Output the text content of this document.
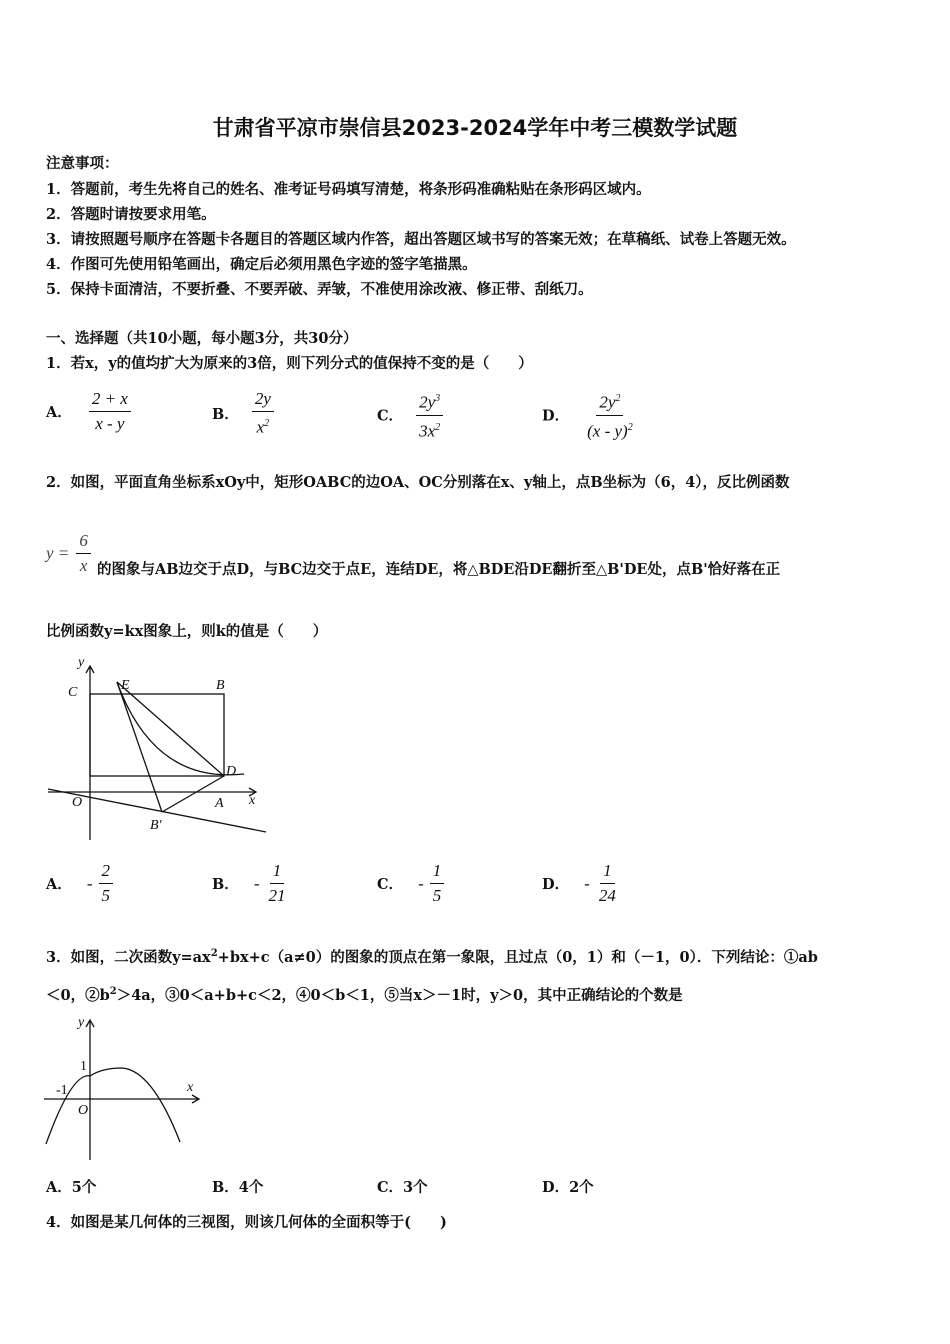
甘肃省平凉市崇信县2023-2024学年中考三模数学试题
注意事项：
1．答题前，考生先将自己的姓名、准考证号码填写清楚，将条形码准确粘贴在条形码区域内。
2．答题时请按要求用笔。
3．请按照题号顺序在答题卡各题目的答题区域内作答，超出答题区域书写的答案无效；在草稿纸、试卷上答题无效。
4．作图可先使用铅笔画出，确定后必须用黑色字迹的签字笔描黑。
5．保持卡面清洁，不要折叠、不要弄破、弄皱，不准使用涂改液、修正带、刮纸刀。
一、选择题（共10小题，每小题3分，共30分）
1．若x，y的值均扩大为原来的3倍，则下列分式的值保持不变的是（　　）
A． $\frac{2 + x}{x - y}$	B． $\frac{2y}{x^2}$	C． $\frac{2y^3}{3x^2}$	D． $\frac{2y^2}{(x - y)^2}$
2．如图，平面直角坐标系xOy中，矩形OABC的边OA、OC分别落在x、y轴上，点B坐标为（6，4），反比例函数
$y = \frac{6}{x}$ 的图象与AB边交于点D，与BC边交于点E，连结DE，将△BDE沿DE翻折至△B'DE处，点B'恰好落在正
比例函数y=kx图象上，则k的值是（　　）
y
x
C	E	B
D
O	A
B'
A． - $\frac{2}{5}$	B． - $\frac{1}{21}$	C． - $\frac{1}{5}$	D． - $\frac{1}{24}$
3．如图，二次函数$y=ax^2+bx+c(a\ne 0)$的图象的顶点在第一象限，且过点（0，1）和（－1，0）．下列结论：①ab
＜0，$②b^2>4a$，③0＜a+b+c＜2，④0＜b＜1，⑤当x＞－1时，y＞0，其中正确结论的个数是
y
x
1
-1
O
A．5个	B．4个	C．3个	D．2个
4．如图是某几何体的三视图，则该几何体的全面积等于(　　)
